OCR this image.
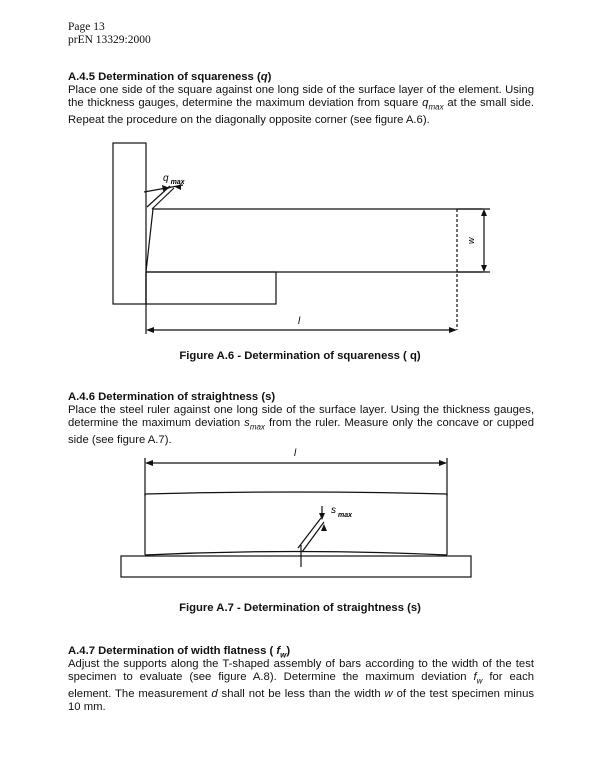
Page 13
prEN 13329:2000
A.4.5 Determination of squareness (q)
Place one side of the square against one long side of the surface layer of the element. Using the thickness gauges, determine the maximum deviation from square $q_{max}$ at the small side. Repeat the procedure on the diagonally opposite corner (see figure A.6).
q $_{max}$
w
l
Figure A.6 - Determination of squareness ( q)
A.4.6 Determination of straightness (s)
Place the steel ruler against one long side of the surface layer. Using the thickness gauges, determine the maximum deviation $s_{max}$ from the ruler. Measure only the concave or cupped side (see figure A.7).
l
s $_{max}$
Figure A.7 - Determination of straightness (s)
A.4.7 Determination of width flatness ( $f_w$)
Adjust the supports along the T-shaped assembly of bars according to the width of the test specimen to evaluate (see figure A.8). Determine the maximum deviation $f_w$ for each element. The measurement d shall not be less than the width w of the test specimen minus 10 mm.
